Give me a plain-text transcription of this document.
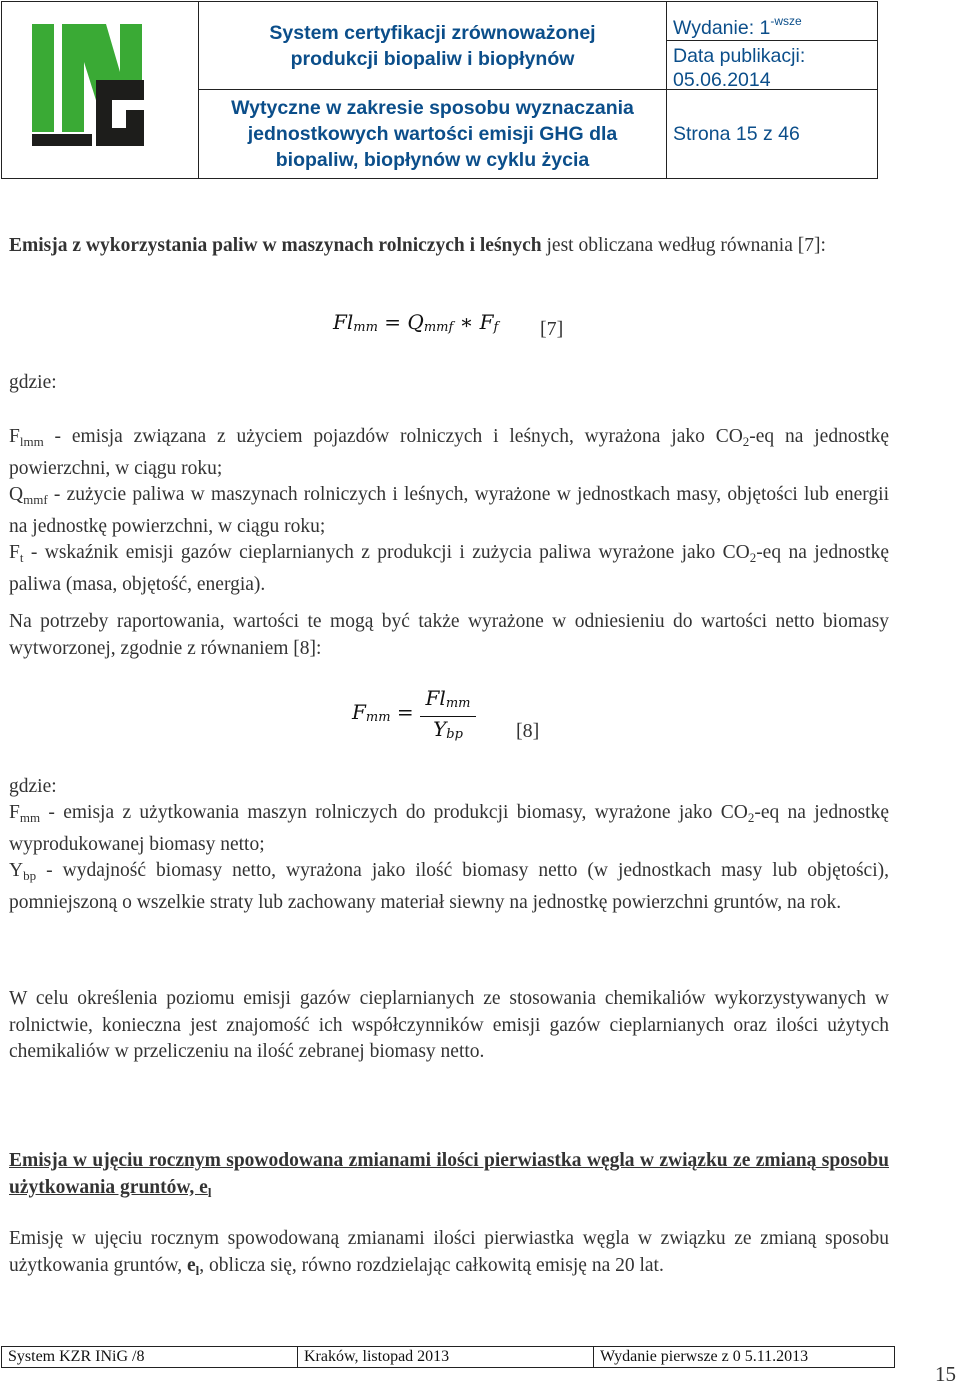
System certyfikacji zrównoważonej
produkcji biopaliw i biopłynów
Wytyczne w zakresie sposobu wyznaczania
jednostkowych wartości emisji GHG dla
biopaliw, biopłynów w cyklu życia
Wydanie: $1^{-wsze}$
Data publikacji:
05.06.2014
Strona 15 z 46
Emisja z wykorzystania paliw w maszynach rolniczych i leśnych jest obliczana według równania [7]:
Flmm = Qmmf ∗ Ff [7]
gdzie:
$F_{lmm}$ - emisja związana z użyciem pojazdów rolniczych i leśnych, wyrażona jako $CO_2-eq$ na jednostkę powierzchni, w ciągu roku;
$Q_{mmf}$ - zużycie paliwa w maszynach rolniczych i leśnych, wyrażone w jednostkach masy, objętości lub energii na jednostkę powierzchni, w ciągu roku;
$F_t$ - wskaźnik emisji gazów cieplarnianych z produkcji i zużycia paliwa wyrażone jako $CO_2-eq$ na jednostkę paliwa (masa, objętość, energia).
Na potrzeby raportowania, wartości te mogą być także wyrażone w odniesieniu do wartości netto biomasy wytworzonej, zgodnie z równaniem [8]:
Fmm =
Flmm
Ybp	[8]
gdzie:
$F_{mm}$ - emisja z użytkowania maszyn rolniczych do produkcji biomasy, wyrażone jako $CO_2-eq$ na jednostkę wyprodukowanej biomasy netto;
$Y_{bp}$ - wydajność biomasy netto, wyrażona jako ilość biomasy netto (w jednostkach masy lub objętości), pomniejszoną o wszelkie straty lub zachowany materiał siewny na jednostkę powierzchni gruntów, na rok.
W celu określenia poziomu emisji gazów cieplarnianych ze stosowania chemikaliów wykorzystywanych w rolnictwie, konieczna jest znajomość ich współczynników emisji gazów cieplarnianych oraz ilości użytych chemikaliów w przeliczeniu na ilość zebranej biomasy netto.
Emisja w ujęciu rocznym spowodowana zmianami ilości pierwiastka węgla w związku ze zmianą sposobu użytkowania gruntów, $e_l$
Emisję w ujęciu rocznym spowodowaną zmianami ilości pierwiastka węgla w związku ze zmianą sposobu użytkowania gruntów, $e_l$, oblicza się, równo rozdzielając całkowitą emisję na 20 lat.
System KZR INiG /8	Kraków, listopad 2013	Wydanie pierwsze z 0 5.11.2013
15
